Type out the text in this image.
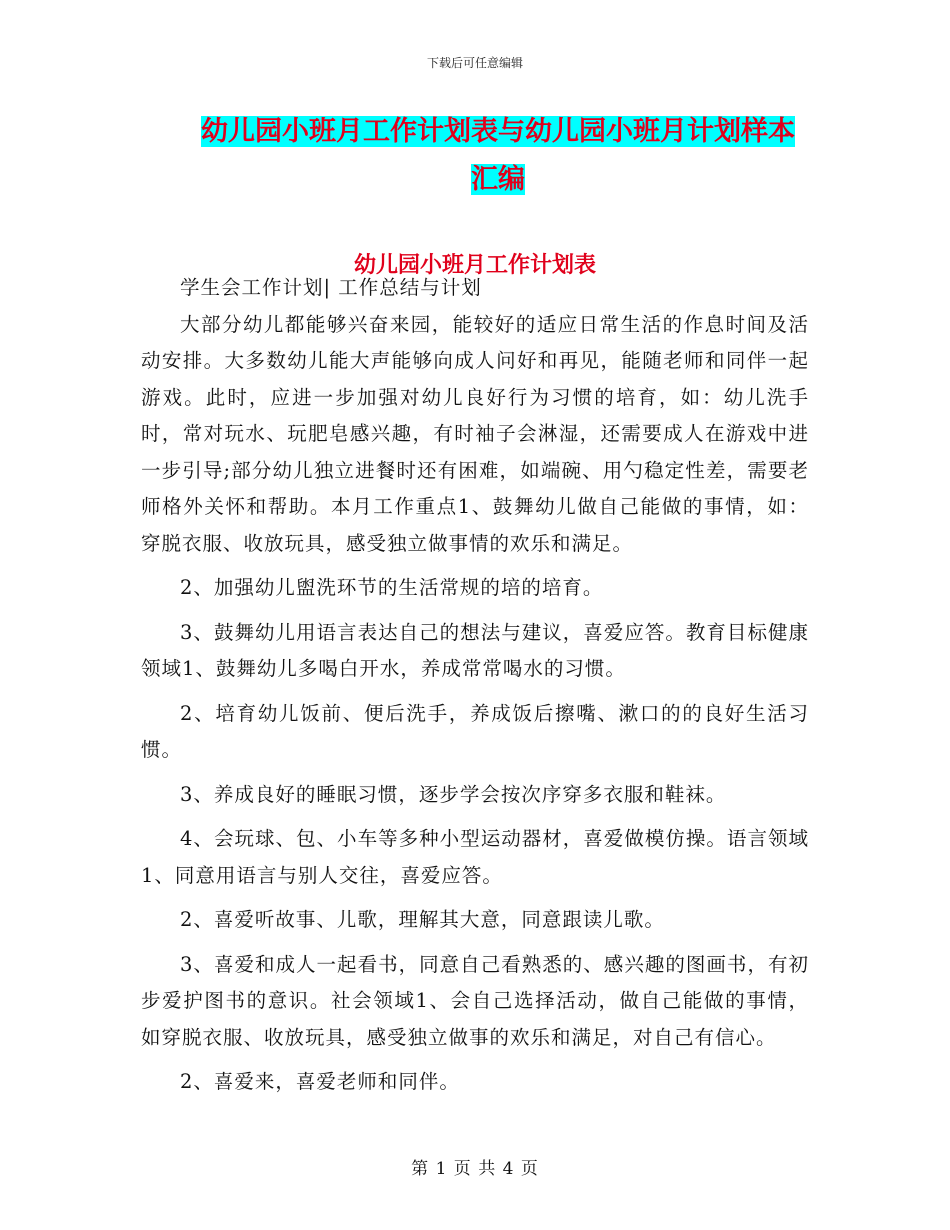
下载后可任意编辑
幼儿园小班月工作计划表与幼儿园小班月计划样本汇编
幼儿园小班月工作计划表

学生会工作计划| 工作总结与计划

大部分幼儿都能够兴奋来园，能较好的适应日常生活的作息时间及活动安排。大多数幼儿能大声能够向成人问好和再见，能随老师和同伴一起游戏。此时，应进一步加强对幼儿良好行为习惯的培育，如：幼儿洗手时，常对玩水、玩肥皂感兴趣，有时袖子会淋湿，还需要成人在游戏中进一步引导;部分幼儿独立进餐时还有困难，如端碗、用勺稳定性差，需要老师格外关怀和帮助。本月工作重点1、鼓舞幼儿做自己能做的事情，如：穿脱衣服、收放玩具，感受独立做事情的欢乐和满足。

2、加强幼儿盥洗环节的生活常规的培的培育。

3、鼓舞幼儿用语言表达自己的想法与建议，喜爱应答。教育目标健康领域1、鼓舞幼儿多喝白开水，养成常常喝水的习惯。

2、培育幼儿饭前、便后洗手，养成饭后擦嘴、漱口的的良好生活习惯。

3、养成良好的睡眠习惯，逐步学会按次序穿多衣服和鞋袜。

4、会玩球、包、小车等多种小型运动器材，喜爱做模仿操。语言领域1、同意用语言与别人交往，喜爱应答。

2、喜爱听故事、儿歌，理解其大意，同意跟读儿歌。

3、喜爱和成人一起看书，同意自己看熟悉的、感兴趣的图画书，有初步爱护图书的意识。社会领域1、会自己选择活动，做自己能做的事情，如穿脱衣服、收放玩具，感受独立做事的欢乐和满足，对自己有信心。

2、喜爱来，喜爱老师和同伴。

第 1 页 共 4 页
